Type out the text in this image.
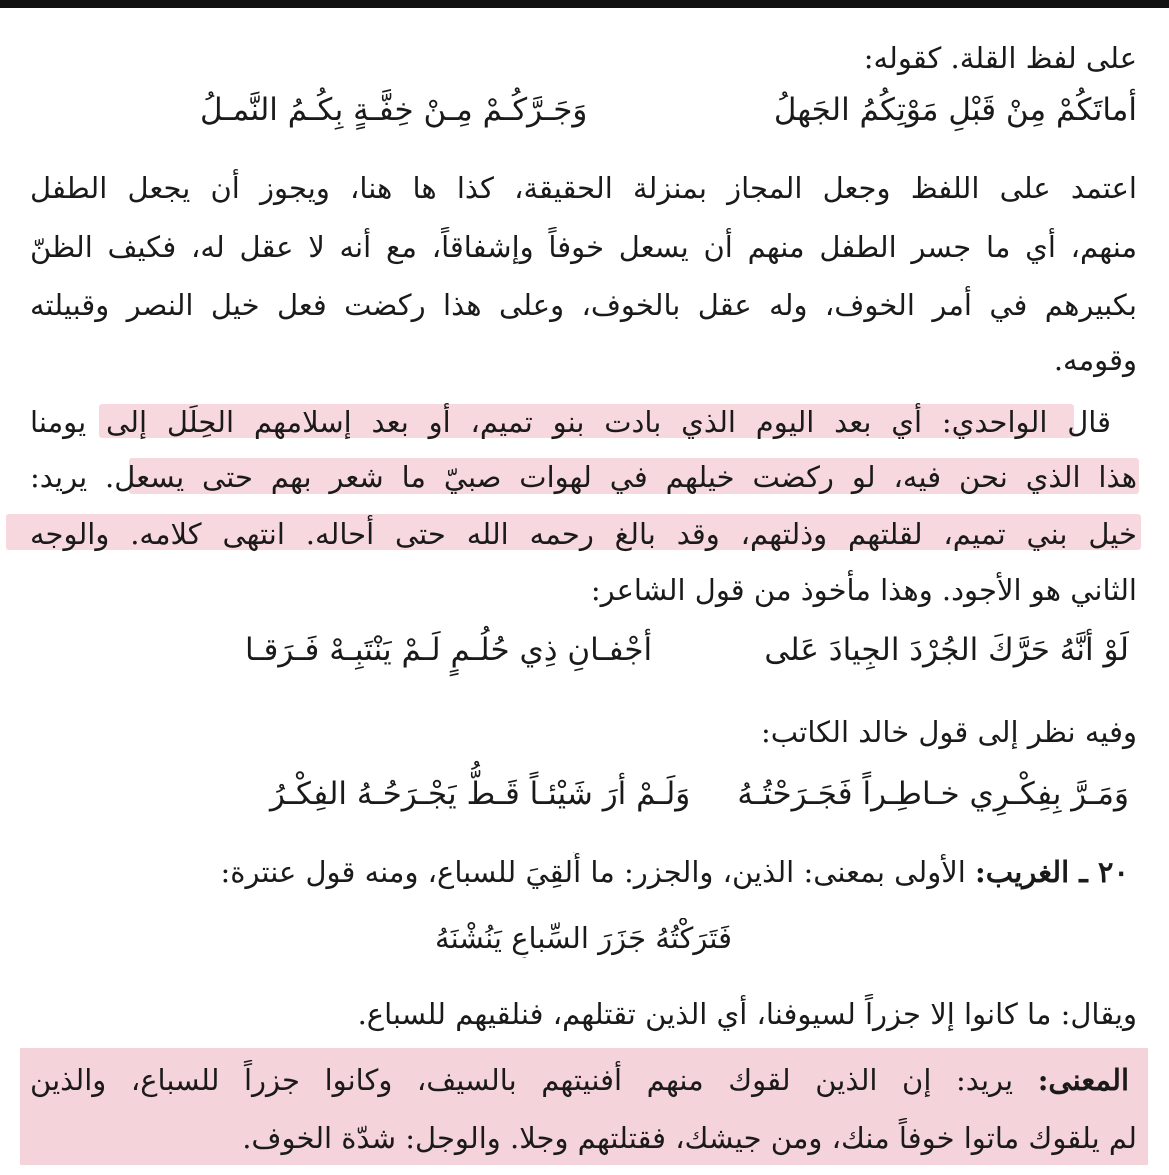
على لفظ القلة. كقوله:
أماتَكُمْ مِنْ قَبْلِ مَوْتِكُمُ الجَهلُ
وَجَـرَّكُـمْ مِـنْ خِفَّـةٍ بِكُـمُ النَّمـلُ
اعتمد على اللفظ وجعل المجاز بمنزلة الحقيقة، كذا ها هنا، ويجوز أن يجعل الطفل
منهم، أي ما جسر الطفل منهم أن يسعل خوفاً وإشفاقاً، مع أنه لا عقل له، فكيف الظنّ
بكبيرهم في أمر الخوف، وله عقل بالخوف، وعلى هذا ركضت فعل خيل النصر وقبيلته
وقومه.
قال الواحدي: أي بعد اليوم الذي بادت بنو تميم، أو بعد إسلامهم الحِلَل إلى يومنا
هذا الذي نحن فيه، لو ركضت خيلهم في لهوات صبيّ ما شعر بهم حتى يسعل. يريد:
خيل بني تميم، لقلتهم وذلتهم، وقد بالغ رحمه الله حتى أحاله. انتهى كلامه. والوجه
الثاني هو الأجود. وهذا مأخوذ من قول الشاعر:
لَوْ أنَّهُ حَرَّكَ الجُرْدَ الجِيادَ عَلى
أجْفـانِ ذِي حُلُـمٍ لَـمْ يَنْتَبِـهْ فَـرَقـا
وفيه نظر إلى قول خالد الكاتب:
وَمَـرَّ بِفِكْـرِي خـاطِـراً فَجَـرَحْتُـهُ
وَلَـمْ أرَ شَيْئـاً قَـطُّ يَجْـرَحُـهُ الفِكْـرُ
٢٠ ـ الغريب: الأولى بمعنى: الذين، والجزر: ما أُلقِيَ للسباع، ومنه قول عنترة:
فَتَرَكْتُهُ جَزَرَ السِّباعِ يَنُشْنَهُ
ويقال: ما كانوا إلا جزراً لسيوفنا، أي الذين تقتلهم، فنلقيهم للسباع.
المعنى: يريد: إن الذين لقوك منهم أفنيتهم بالسيف، وكانوا جزراً للسباع، والذين
لم يلقوك ماتوا خوفاً منك، ومن جيشك، فقتلتهم وجلا. والوجل: شدّة الخوف.
